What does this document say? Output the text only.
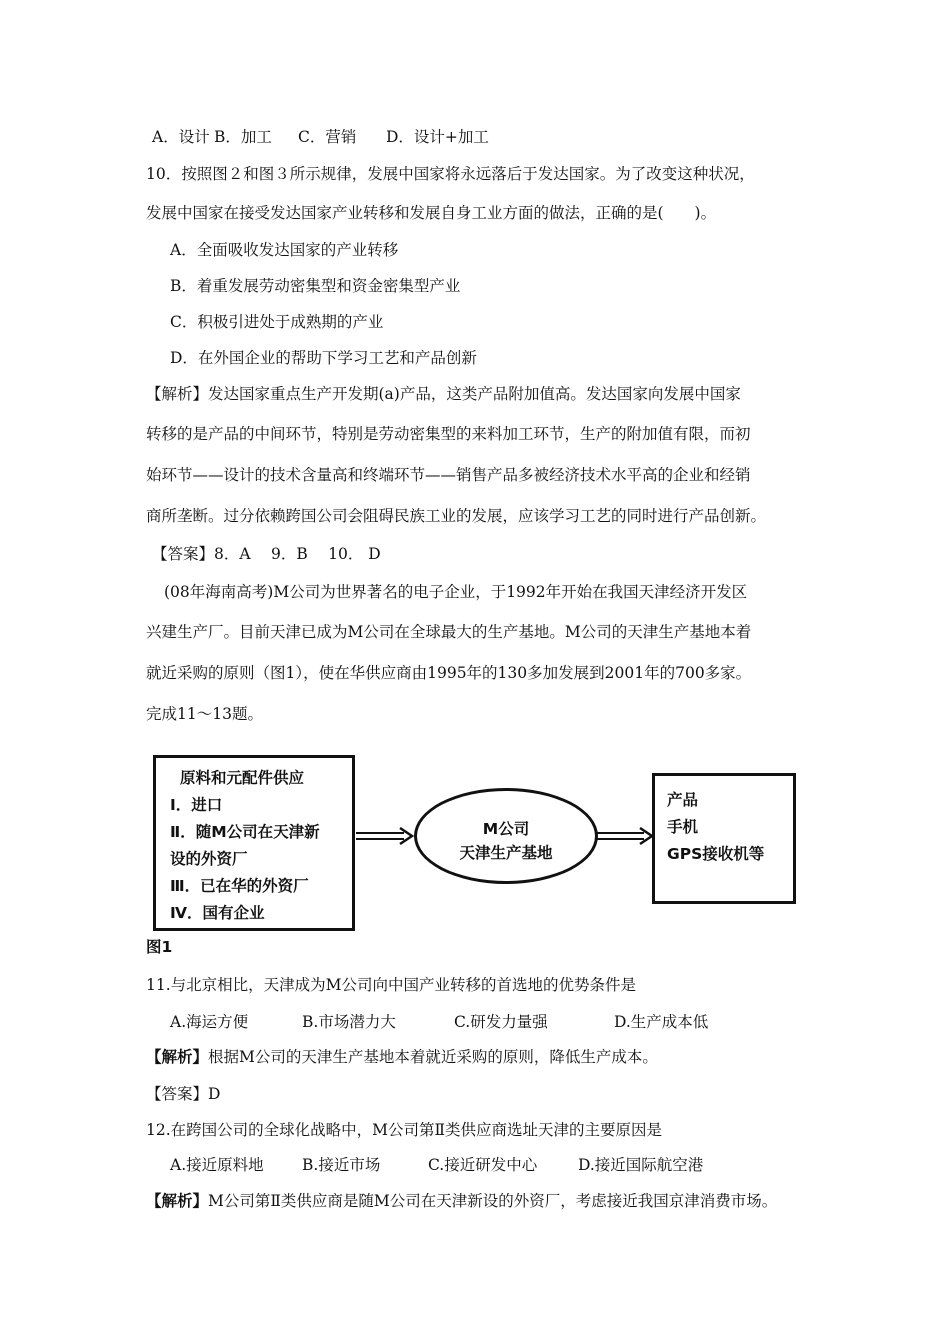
A．设计 B．加工 C．营销 D．设计+加工
10．按照图２和图３所示规律，发展中国家将永远落后于发达国家。为了改变这种状况，
发展中国家在接受发达国家产业转移和发展自身工业方面的做法，正确的是(　　)。
A．全面吸收发达国家的产业转移
B．着重发展劳动密集型和资金密集型产业
C．积极引进处于成熟期的产业
D．在外国企业的帮助下学习工艺和产品创新
【解析】发达国家重点生产开发期(a)产品，这类产品附加值高。发达国家向发展中国家
转移的是产品的中间环节，特别是劳动密集型的来料加工环节，生产的附加值有限，而初
始环节——设计的技术含量高和终端环节——销售产品多被经济技术水平高的企业和经销
商所垄断。过分依赖跨国公司会阻碍民族工业的发展，应该学习工艺的同时进行产品创新。
【答案】8．A　 9．B　 10． D
(08年海南高考)M公司为世界著名的电子企业，于1992年开始在我国天津经济开发区
兴建生产厂。目前天津已成为M公司在全球最大的生产基地。M公司的天津生产基地本着
就近采购的原则（图1），使在华供应商由1995年的130多加发展到2001年的700多家。
完成11～13题。
原料和元配件供应
Ⅰ．进口
Ⅱ．随M公司在天津新
设的外资厂
Ⅲ．已在华的外资厂
Ⅳ．国有企业
M公司
天津生产基地
产品
手机
GPS接收机等
图1
11.与北京相比，天津成为M公司向中国产业转移的首选地的优势条件是
A.海运方便	B.市场潜力大	C.研发力量强	D.生产成本低
【解析】根据M公司的天津生产基地本着就近采购的原则，降低生产成本。
【答案】D
12.在跨国公司的全球化战略中，M公司第Ⅱ类供应商选址天津的主要原因是
A.接近原料地 B.接近市场	C.接近研发中心	D.接近国际航空港
【解析】M公司第Ⅱ类供应商是随M公司在天津新设的外资厂，考虑接近我国京津消费市场。
